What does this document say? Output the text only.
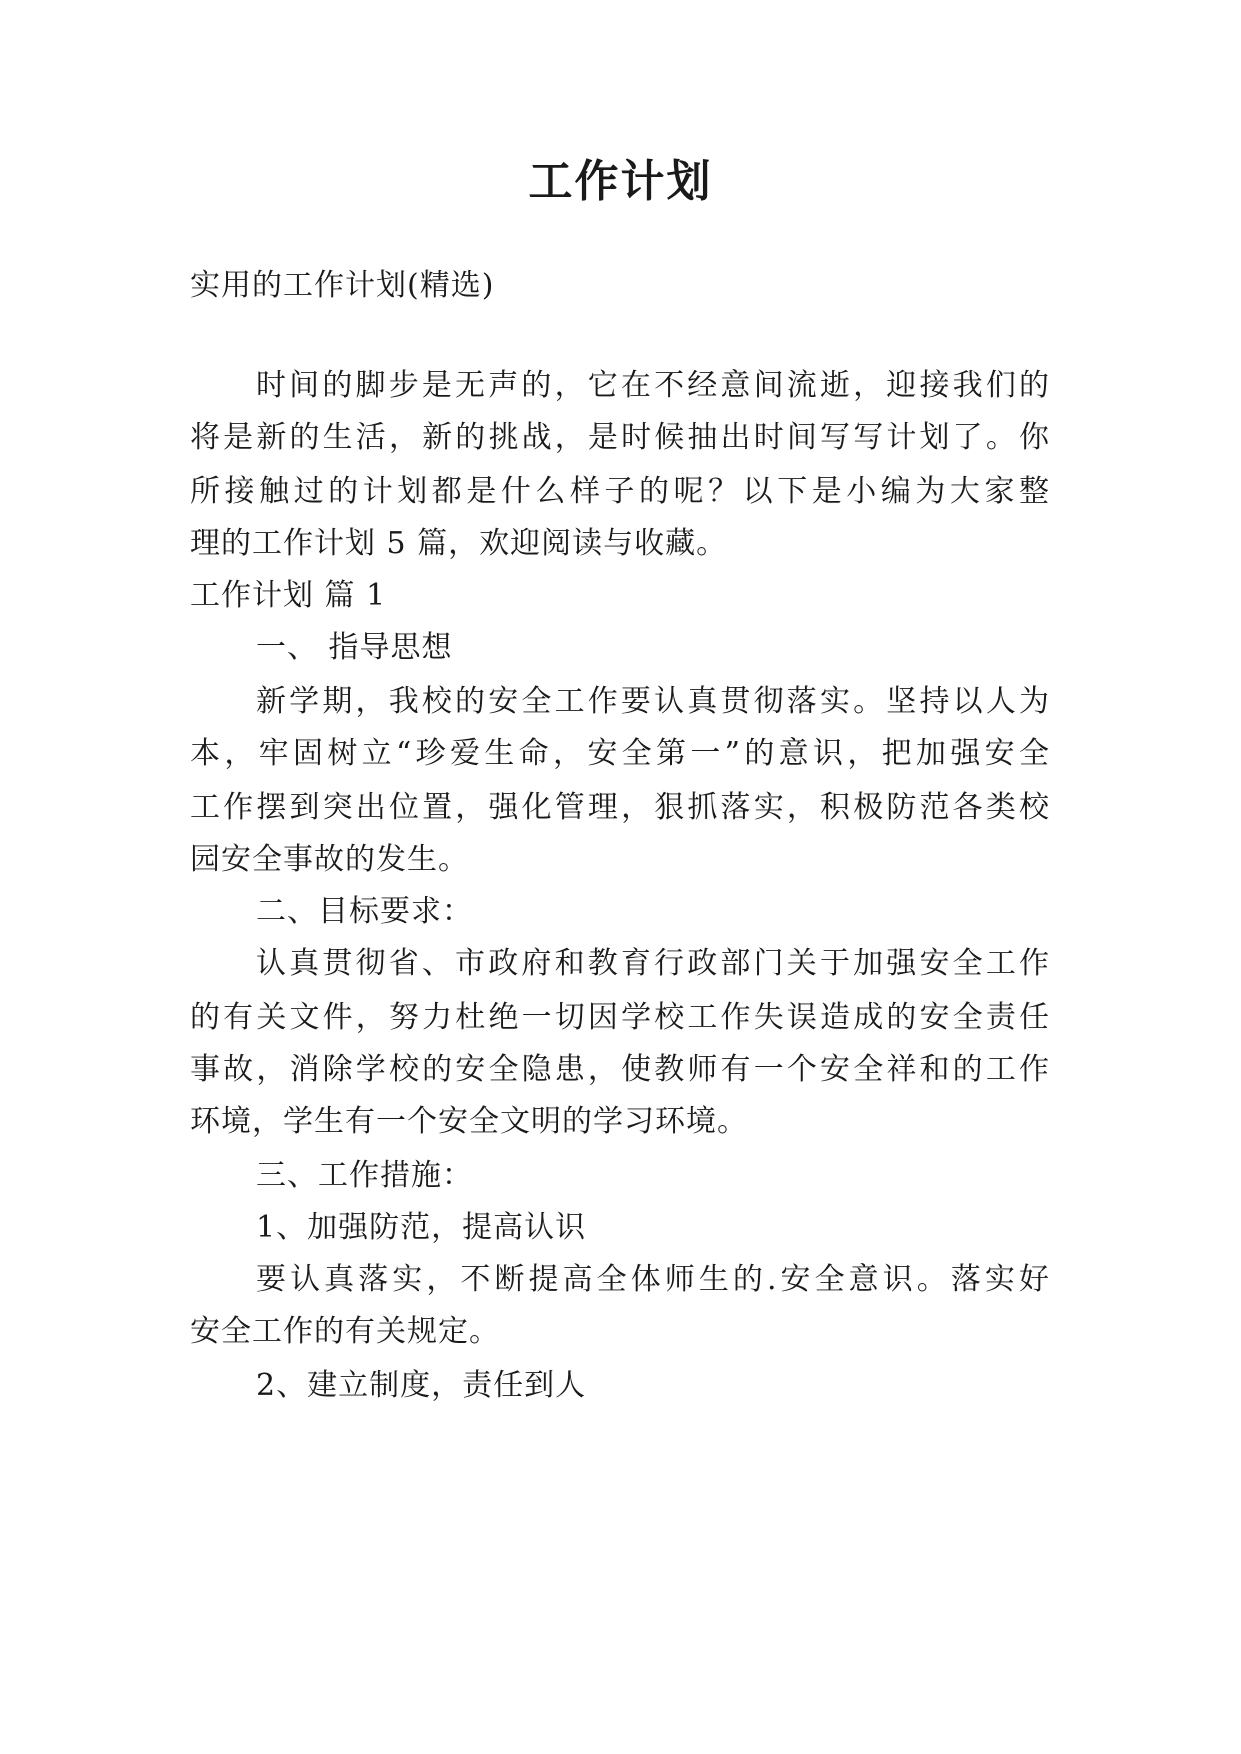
工作计划
实用的工作计划(精选)
时间的脚步是无声的，它在不经意间流逝，迎接我们的
将是新的生活，新的挑战，是时候抽出时间写写计划了。你
所接触过的计划都是什么样子的呢？以下是小编为大家整
理的工作计划 5 篇，欢迎阅读与收藏。
工作计划 篇 1
一、 指导思想
新学期，我校的安全工作要认真贯彻落实。坚持以人为
本，牢固树立“珍爱生命，安全第一”的意识，把加强安全
工作摆到突出位置，强化管理，狠抓落实，积极防范各类校
园安全事故的发生。
二、目标要求：
认真贯彻省、市政府和教育行政部门关于加强安全工作
的有关文件，努力杜绝一切因学校工作失误造成的安全责任
事故，消除学校的安全隐患，使教师有一个安全祥和的工作
环境，学生有一个安全文明的学习环境。
三、工作措施：
1、加强防范，提高认识
要认真落实，不断提高全体师生的.安全意识。落实好
安全工作的有关规定。
2、建立制度，责任到人
